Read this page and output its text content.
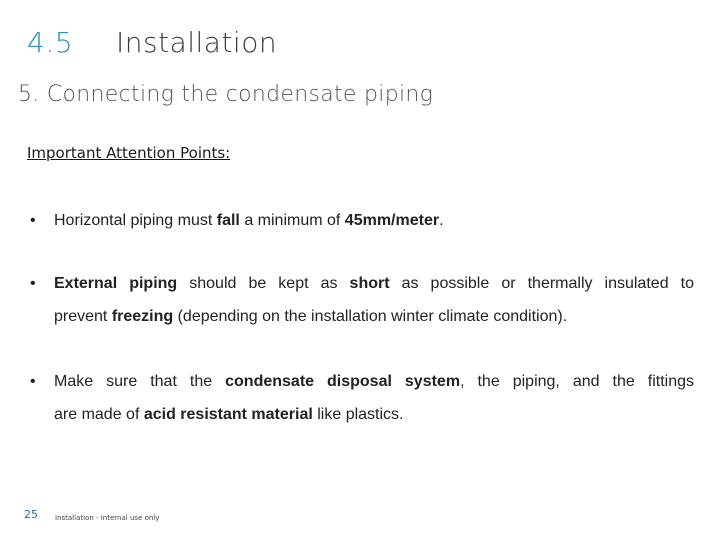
4.5 Installation
5. Connecting the condensate piping
Important Attention Points:
• Horizontal piping must fall a minimum of 45mm/meter.
• External piping should be kept as short as possible or thermally insulated to
prevent freezing (depending on the installation winter climate condition).
• Make sure that the condensate disposal system, the piping, and the fittings
are made of acid resistant material like plastics.
25 Installation - Internal use only
